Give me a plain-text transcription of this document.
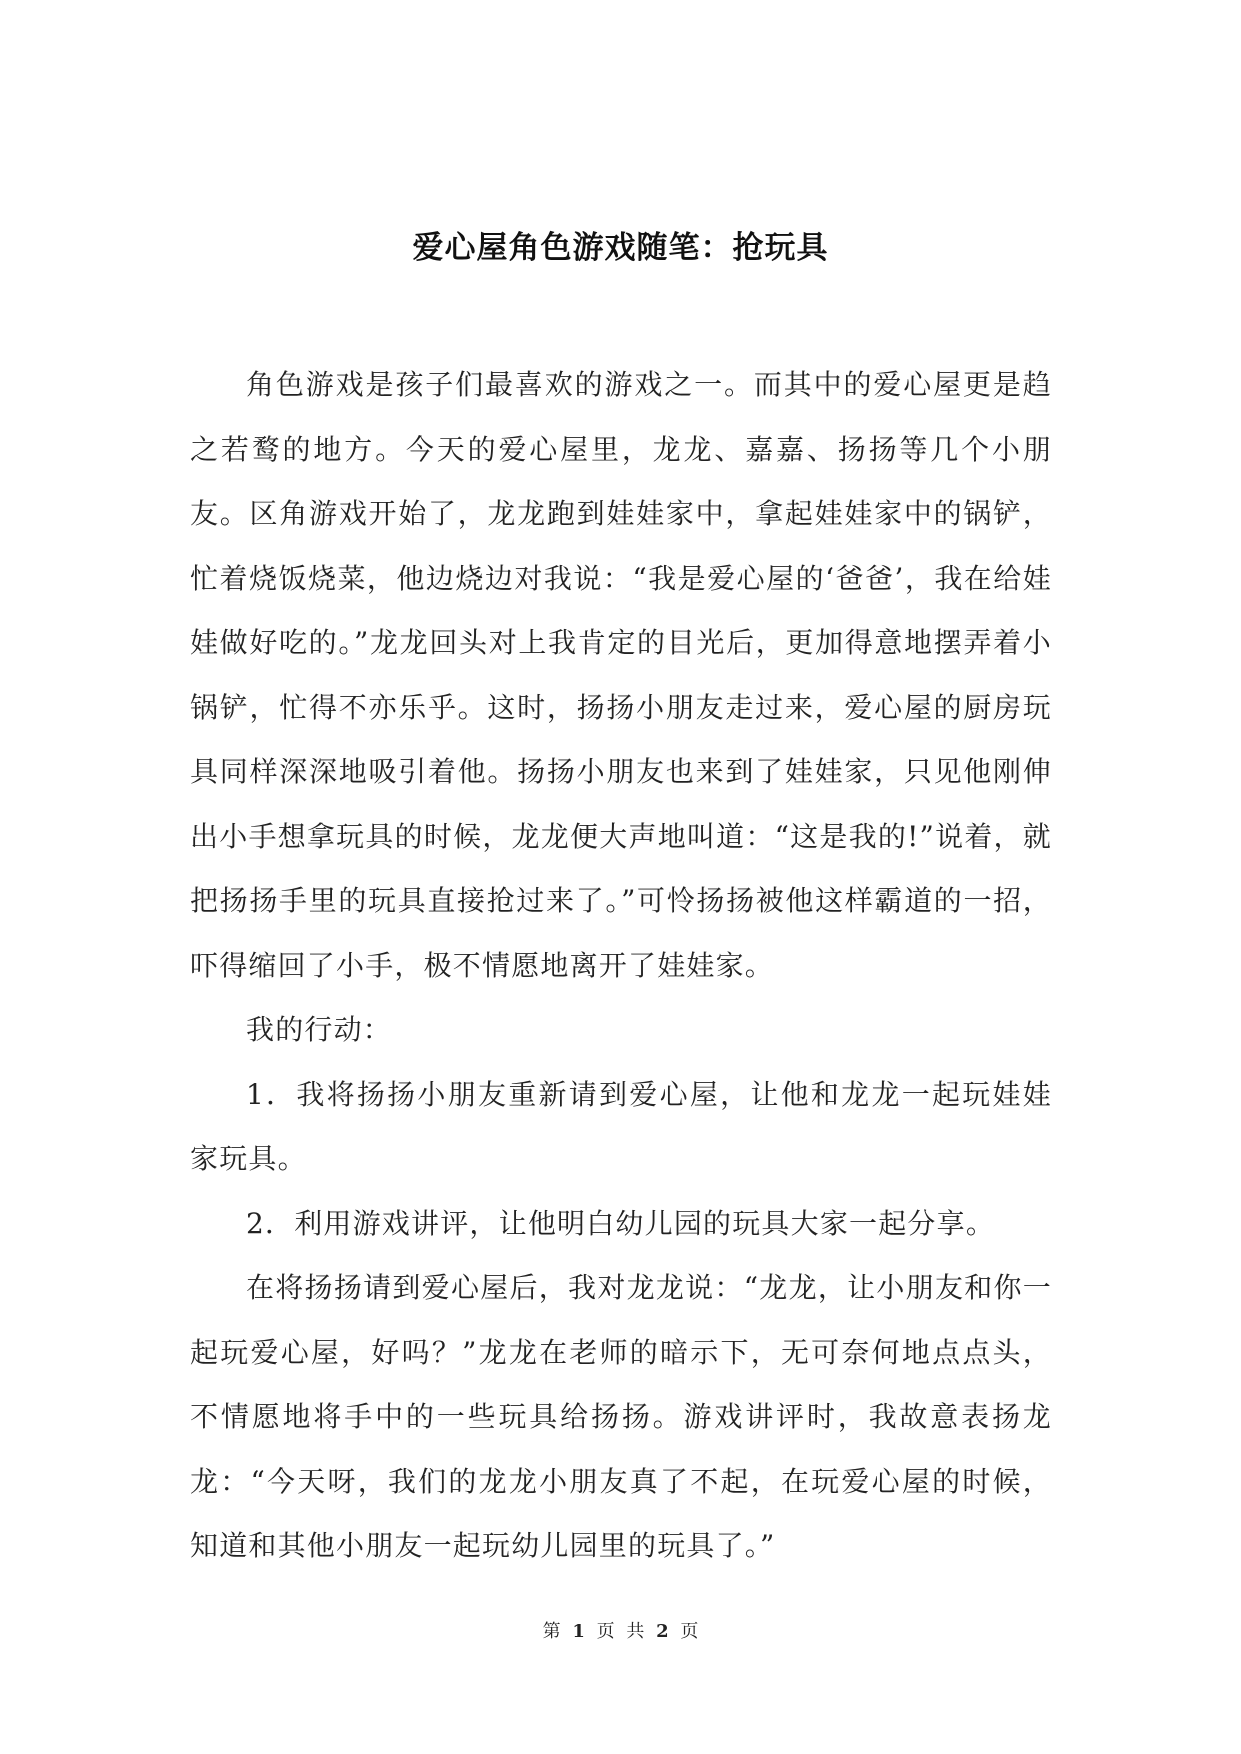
爱心屋角色游戏随笔：抢玩具

角色游戏是孩子们最喜欢的游戏之一。而其中的爱心屋更是趋之若鹜的地方。今天的爱心屋里，龙龙、嘉嘉、扬扬等几个小朋友。区角游戏开始了，龙龙跑到娃娃家中，拿起娃娃家中的锅铲，忙着烧饭烧菜，他边烧边对我说：“我是爱心屋的‘爸爸’，我在给娃娃做好吃的。”龙龙回头对上我肯定的目光后，更加得意地摆弄着小锅铲，忙得不亦乐乎。这时，扬扬小朋友走过来，爱心屋的厨房玩具同样深深地吸引着他。扬扬小朋友也来到了娃娃家，只见他刚伸出小手想拿玩具的时候，龙龙便大声地叫道：“这是我的!”说着，就把扬扬手里的玩具直接抢过来了。”可怜扬扬被他这样霸道的一招，吓得缩回了小手，极不情愿地离开了娃娃家。

我的行动：

1．我将扬扬小朋友重新请到爱心屋，让他和龙龙一起玩娃娃家玩具。

2．利用游戏讲评，让他明白幼儿园的玩具大家一起分享。

在将扬扬请到爱心屋后，我对龙龙说：“龙龙，让小朋友和你一起玩爱心屋，好吗？”龙龙在老师的暗示下，无可奈何地点点头，不情愿地将手中的一些玩具给扬扬。游戏讲评时，我故意表扬龙龙：“今天呀，我们的龙龙小朋友真了不起，在玩爱心屋的时候，知道和其他小朋友一起玩幼儿园里的玩具了。”

第 1 页 共 2 页
